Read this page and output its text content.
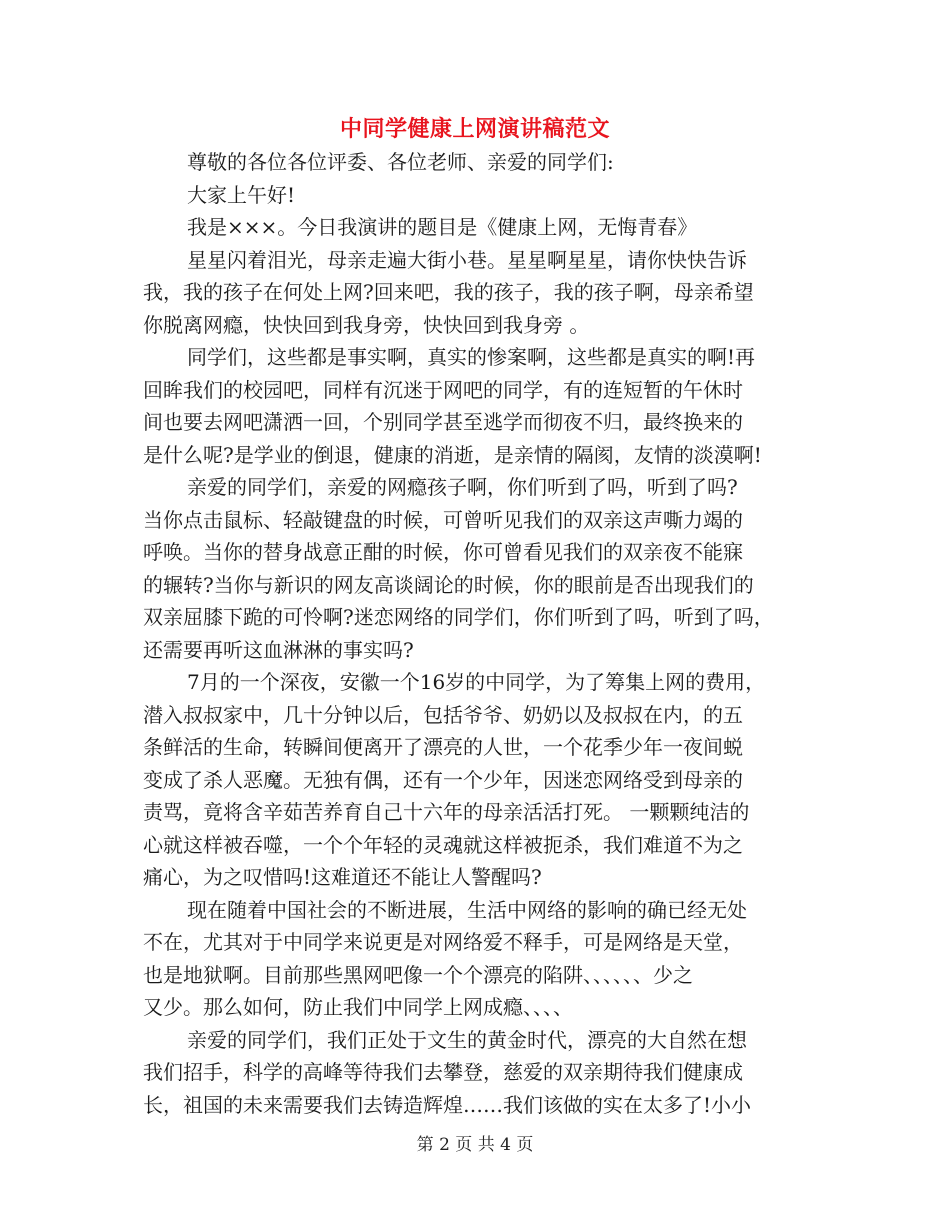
中同学健康上网演讲稿范文
尊敬的各位各位评委、各位老师、亲爱的同学们:
大家上午好!
我是×××。今日我演讲的题目是《健康上网，无悔青春》
星星闪着泪光，母亲走遍大街小巷。星星啊星星，请你快快告诉
我，我的孩子在何处上网?回来吧，我的孩子，我的孩子啊，母亲希望
你脱离网瘾，快快回到我身旁，快快回到我身旁 。
同学们，这些都是事实啊，真实的惨案啊，这些都是真实的啊!再
回眸我们的校园吧，同样有沉迷于网吧的同学，有的连短暂的午休时
间也要去网吧潇洒一回，个别同学甚至逃学而彻夜不归，最终换来的
是什么呢?是学业的倒退，健康的消逝，是亲情的隔阂，友情的淡漠啊!
亲爱的同学们，亲爱的网瘾孩子啊，你们听到了吗，听到了吗?
当你点击鼠标、轻敲键盘的时候，可曾听见我们的双亲这声嘶力竭的
呼唤。当你的替身战意正酣的时候，你可曾看见我们的双亲夜不能寐
的辗转?当你与新识的网友高谈阔论的时候，你的眼前是否出现我们的
双亲屈膝下跪的可怜啊?迷恋网络的同学们，你们听到了吗，听到了吗，
还需要再听这血淋淋的事实吗?
7月的一个深夜，安徽一个16岁的中同学，为了筹集上网的费用，
潜入叔叔家中，几十分钟以后，包括爷爷、奶奶以及叔叔在内，的五
条鲜活的生命，转瞬间便离开了漂亮的人世，一个花季少年一夜间蜕
变成了杀人恶魔。无独有偶，还有一个少年，因迷恋网络受到母亲的
责骂，竟将含辛茹苦养育自己十六年的母亲活活打死。 一颗颗纯洁的
心就这样被吞噬，一个个年轻的灵魂就这样被扼杀，我们难道不为之
痛心，为之叹惜吗!这难道还不能让人警醒吗?
现在随着中国社会的不断进展，生活中网络的影响的确已经无处
不在，尤其对于中同学来说更是对网络爱不释手，可是网络是天堂，
也是地狱啊。目前那些黑网吧像一个个漂亮的陷阱、、、、、、少之
又少。那么如何，防止我们中同学上网成瘾、、、、
亲爱的同学们，我们正处于文生的黄金时代，漂亮的大自然在想
我们招手，科学的高峰等待我们去攀登，慈爱的双亲期待我们健康成
长，祖国的未来需要我们去铸造辉煌……我们该做的实在太多了!小小
第 2 页 共 4 页
